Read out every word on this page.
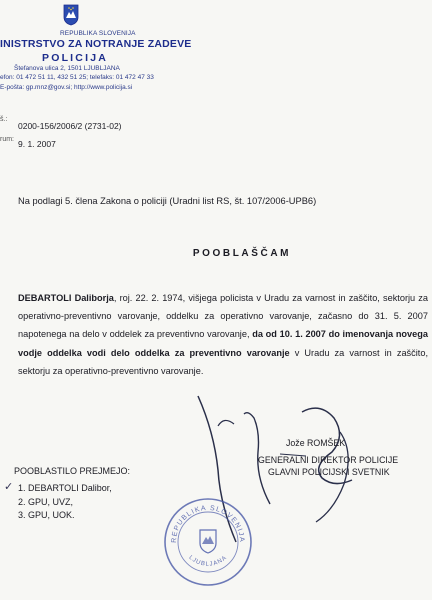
REPUBLIKA SLOVENIJA
INISTRSTVO ZA NOTRANJE ZADEVE
POLICIJA
Štefanova ulica 2, 1501 LJUBLJANA
efon: 01 472 51 11, 432 51 25; telefaks: 01 472 47 33
E-pošta: gp.mnz@gov.si; http://www.policija.si
š.:
0200-156/2006/2 (2731-02)
rum: 9. 1. 2007
Na podlagi 5. člena Zakona o policiji (Uradni list RS, št. 107/2006-UPB6)
POOBLAŠČAM
DEBARTOLI Daliborja, roj. 22. 2. 1974, višjega policista v Uradu za varnost in zaščito, sektorju za operativno-preventivno varovanje, oddelku za operativno varovanje, začasno do 31. 5. 2007 napotenega na delo v oddelek za preventivno varovanje, da od 10. 1. 2007 do imenovanja novega vodje oddelka vodi delo oddelka za preventivno varovanje v Uradu za varnost in zaščito, sektorju za operativno-preventivno varovanje.
Jože ROMŠEK
GENERALNI DIREKTOR POLICIJE
GLAVNI POLICIJSKI SVETNIK
POOBLASTILO PREJMEJO:
✓ 1. DEBARTOLI Dalibor,
2. GPU, UVZ,
3. GPU, UOK.
REPUBLIKA SLOVENIJA
LJUBLJANA
